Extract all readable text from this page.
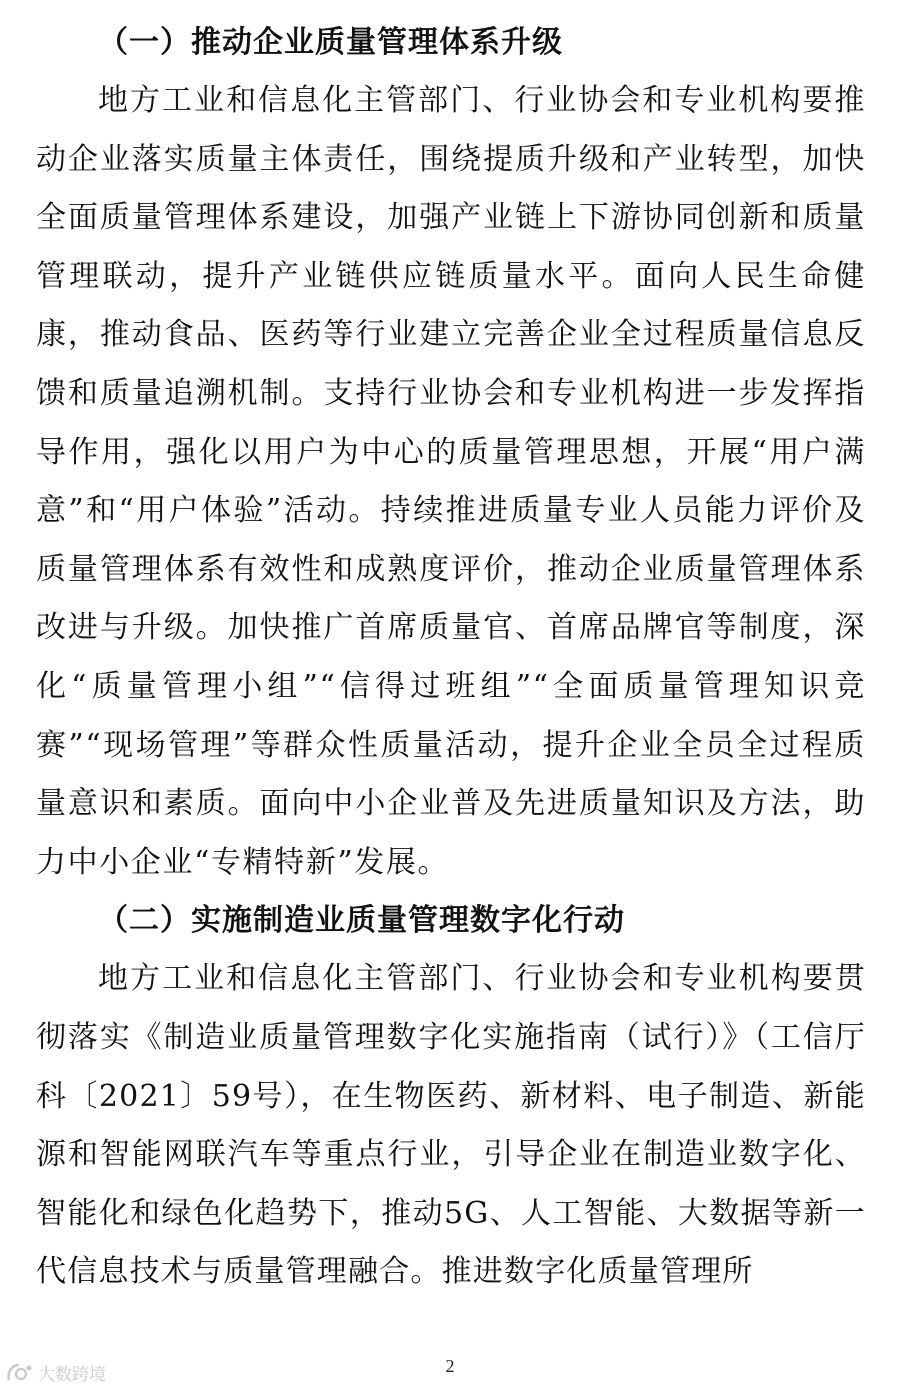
（一）推动企业质量管理体系升级

地方工业和信息化主管部门、行业协会和专业机构要推动企业落实质量主体责任，围绕提质升级和产业转型，加快全面质量管理体系建设，加强产业链上下游协同创新和质量管理联动，提升产业链供应链质量水平。面向人民生命健康，推动食品、医药等行业建立完善企业全过程质量信息反馈和质量追溯机制。支持行业协会和专业机构进一步发挥指导作用，强化以用户为中心的质量管理思想，开展“用户满意”和“用户体验”活动。持续推进质量专业人员能力评价及质量管理体系有效性和成熟度评价，推动企业质量管理体系改进与升级。加快推广首席质量官、首席品牌官等制度，深化“质量管理小组”“信得过班组”“全面质量管理知识竞赛”“现场管理”等群众性质量活动，提升企业全员全过程质量意识和素质。面向中小企业普及先进质量知识及方法，助力中小企业“专精特新”发展。

（二）实施制造业质量管理数字化行动

地方工业和信息化主管部门、行业协会和专业机构要贯彻落实《制造业质量管理数字化实施指南（试行）》（工信厅科〔2021〕59号），在生物医药、新材料、电子制造、新能源和智能网联汽车等重点行业，引导企业在制造业数字化、智能化和绿色化趋势下，推动5G、人工智能、大数据等新一代信息技术与质量管理融合。推进数字化质量管理所

2
大数跨境
